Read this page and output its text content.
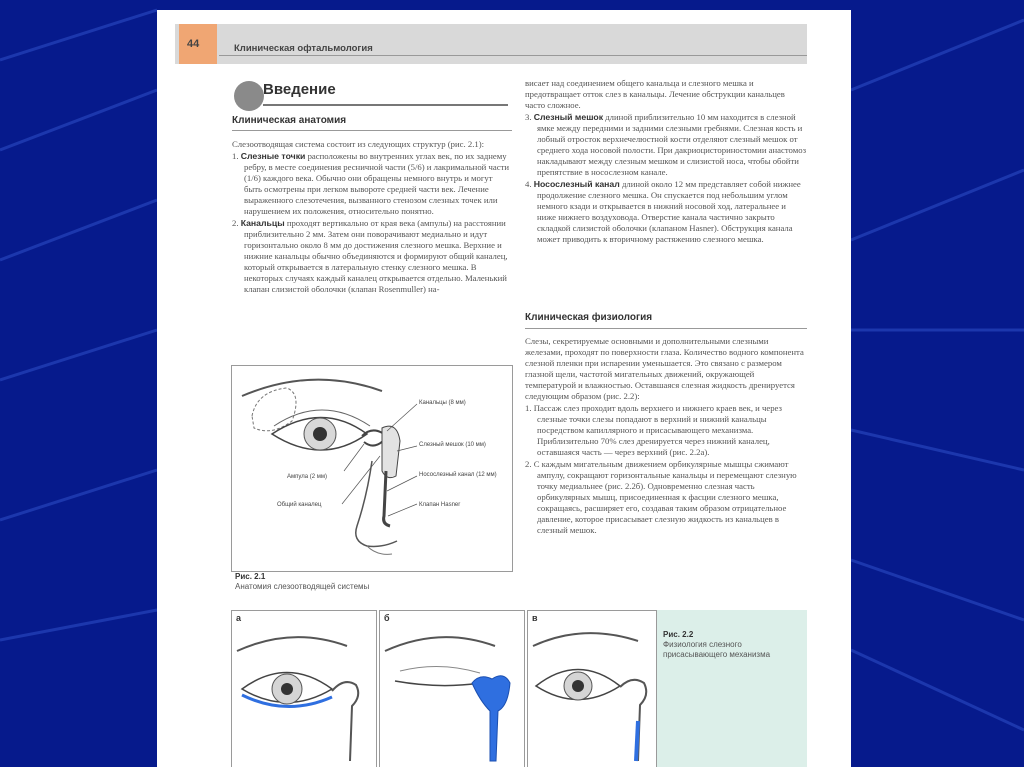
44	Клиническая офтальмология
Введение
Клиническая анатомия

Слезоотводящая система состоит из следующих структур (рис. 2.1):

1. Слезные точки расположены во внутренних углах век, по их заднему ребру, в месте соединения ресничной части (5/6) и лакримальной части (1/6) каждого века. Обычно они обращены немного внутрь и могут быть осмотрены при легком вывороте средней части век. Лечение выраженного слезотечения, вызванного стенозом слезных точек или нарушением их положения, относительно понятно.

2. Канальцы проходят вертикально от края века (ампулы) на расстоянии приблизительно 2 мм. Затем они поворачивают медиально и идут горизонтально около 8 мм до достижения слезного мешка. Верхние и нижние канальцы обычно объединяются и формируют общий каналец, который открывается в латеральную стенку слезного мешка. В некоторых случаях каждый каналец открывается отдельно. Маленький клапан слизистой оболочки (клапан Rosenmuller) на-

Канальцы (8 мм)
Слезный мешок (10 мм)
Ампула (2 мм)	Носослезный канал (12 мм)
Общий каналец	Клапан Hasner
Рис. 2.1
Анатомия слезоотводящей системы

висает над соединением общего канальца и слезного мешка и предотвращает отток слез в канальцы. Лечение обструкции канальцев часто сложное.

3. Слезный мешок длиной приблизительно 10 мм находится в слезной ямке между передними и задними слезными гребнями. Слезная кость и лобный отросток верхнечелюстной кости отделяют слезный мешок от среднего хода носовой полости. При дакриоцисториностомии анастомоз накладывают между слезным мешком и слизистой носа, чтобы обойти препятствие в носослезном канале.

4. Носослезный канал длиной около 12 мм представляет собой нижнее продолжение слезного мешка. Он спускается под небольшим углом немного кзади и открывается в нижний носовой ход, латеральнее и ниже нижнего воздуховода. Отверстие канала частично закрыто складкой слизистой оболочки (клапаном Hasner). Обструкция канала может приводить к вторичному растяжению слезного мешка.

Клиническая физиология

Слезы, секретируемые основными и дополнительными слезными железами, проходят по поверхности глаза. Количество водного компонента слезной пленки при испарении уменьшается. Это связано с размером глазной щели, частотой мигательных движений, окружающей температурой и влажностью. Оставшаяся слезная жидкость дренируется следующим образом (рис. 2.2):

1. Пассаж слез проходит вдоль верхнего и нижнего краев век, и через слезные точки слезы попадают в верхний и нижний канальцы посредством капиллярного и присасывающего механизма. Приблизительно 70% слез дренируется через нижний каналец, оставшаяся часть — через верхний (рис. 2.2а).

2. С каждым мигательным движением орбикулярные мышцы сжимают ампулу, сокращают горизонтальные канальцы и перемещают слезную точку медиальнее (рис. 2.2б). Одновременно слезная часть орбикулярных мышц, присоединенная к фасции слезного мешка, сокращаясь, расширяет его, создавая таким образом отрицательное давление, которое присасывает слезную жидкость из канальцев в слезный мешок.

а	б	в
Рис. 2.2
Физиология слезного присасывающего механизма
